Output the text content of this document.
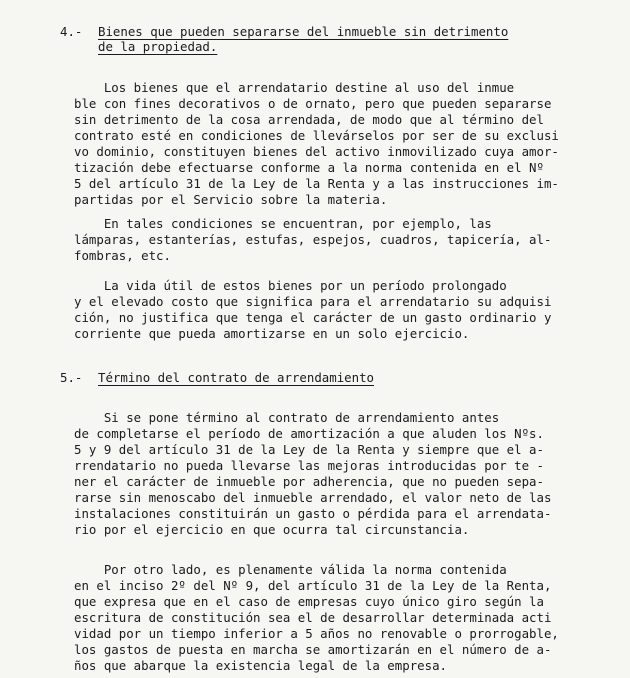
4.- Bienes que pueden separarse del inmueble sin detrimento
de la propiedad.
Los bienes que el arrendatario destine al uso del inmue
ble con fines decorativos o de ornato, pero que pueden separarse
sin detrimento de la cosa arrendada, de modo que al término del
contrato esté en condiciones de llevárselos por ser de su exclusi
vo dominio, constituyen bienes del activo inmovilizado cuya amor-
tización debe efectuarse conforme a la norma contenida en el Nº
5 del artículo 31 de la Ley de la Renta y a las instrucciones im-
partidas por el Servicio sobre la materia.
En tales condiciones se encuentran, por ejemplo, las
lámparas, estanterías, estufas, espejos, cuadros, tapicería, al-
fombras, etc.
La vida útil de estos bienes por un período prolongado
y el elevado costo que significa para el arrendatario su adquisi
ción, no justifica que tenga el carácter de un gasto ordinario y
corriente que pueda amortizarse en un solo ejercicio.
5.- Término del contrato de arrendamiento
Si se pone término al contrato de arrendamiento antes
de completarse el período de amortización a que aluden los Nºs.
5 y 9 del artículo 31 de la Ley de la Renta y siempre que el a-
rrendatario no pueda llevarse las mejoras introducidas por te -
ner el carácter de inmueble por adherencia, que no pueden sepa-
rarse sin menoscabo del inmueble arrendado, el valor neto de las
instalaciones constituirán un gasto o pérdida para el arrendata-
rio por el ejercicio en que ocurra tal circunstancia.
Por otro lado, es plenamente válida la norma contenida
en el inciso 2º del Nº 9, del artículo 31 de la Ley de la Renta,
que expresa que en el caso de empresas cuyo único giro según la
escritura de constitución sea el de desarrollar determinada acti
vidad por un tiempo inferior a 5 años no renovable o prorrogable,
los gastos de puesta en marcha se amortizarán en el número de a-
ños que abarque la existencia legal de la empresa.
